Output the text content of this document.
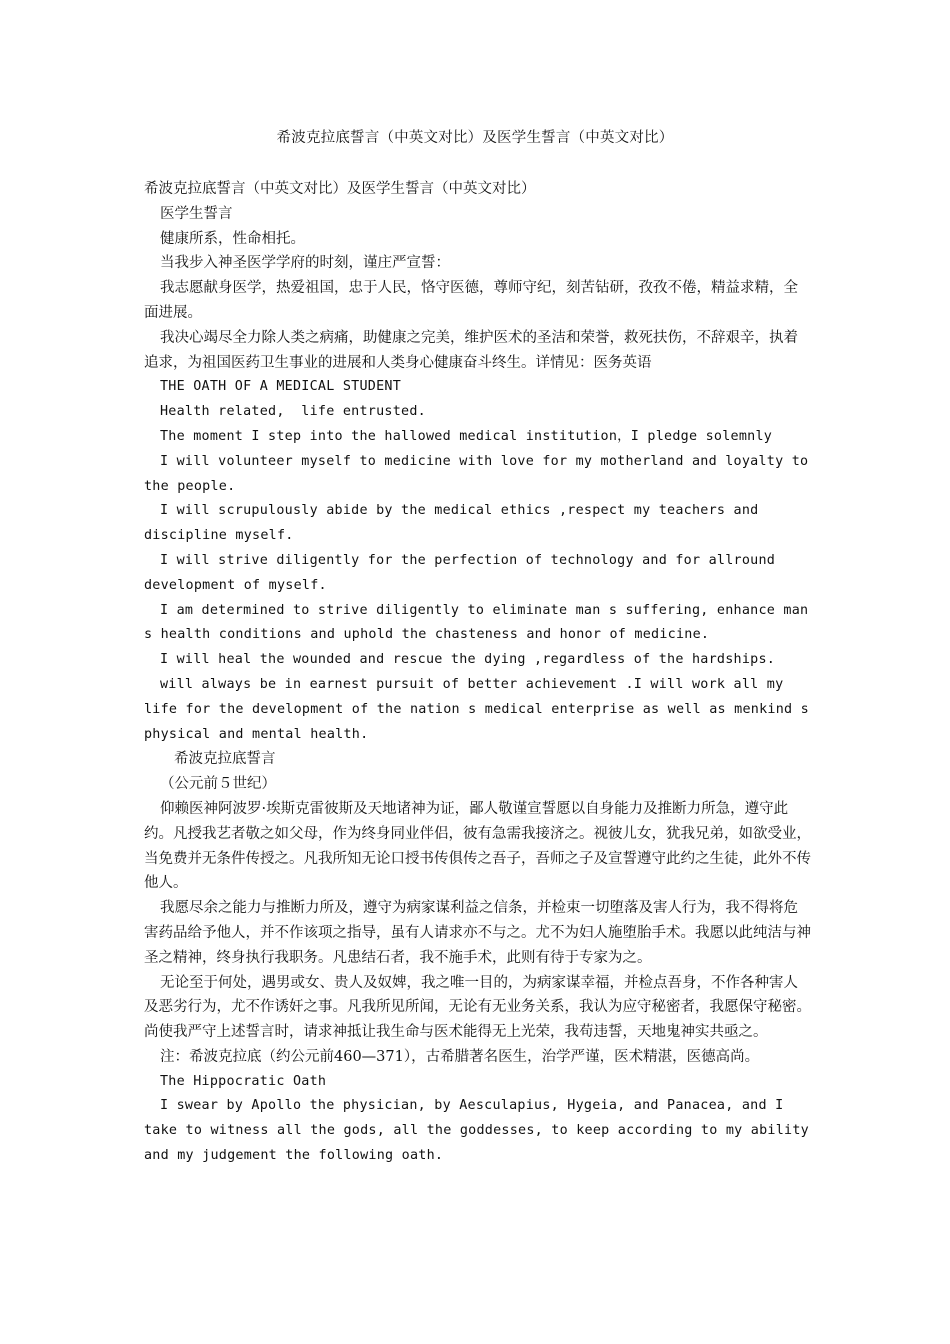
希波克拉底誓言（中英文对比）及医学生誓言（中英文对比）

希波克拉底誓言（中英文对比）及医学生誓言（中英文对比）

医学生誓言

健康所系，性命相托。

当我步入神圣医学学府的时刻，谨庄严宣誓：

我志愿献身医学，热爱祖国，忠于人民，恪守医德，尊师守纪，刻苦钻研，孜孜不倦，精益求精，全面进展。

我决心竭尽全力除人类之病痛，助健康之完美，维护医术的圣洁和荣誉，救死扶伤，不辞艰辛，执着追求，为祖国医药卫生事业的进展和人类身心健康奋斗终生。详情见：医务英语

THE OATH OF A MEDICAL STUDENT

Health related,  life entrusted.

The moment I step into the hallowed medical institution，I pledge solemnly

I will volunteer myself to medicine with love for my motherland and loyalty to the people.

I will scrupulously abide by the medical ethics ,respect my teachers and discipline myself.

I will strive diligently for the perfection of technology and for allround development of myself.

I am determined to strive diligently to eliminate man s suffering, enhance man s health conditions and uphold the chasteness and honor of medicine.

I will heal the wounded and rescue the dying ,regardless of the hardships.

will always be in earnest pursuit of better achievement .I will work all my life for the development of the nation s medical enterprise as well as menkind s physical and mental health.

希波克拉底誓言

（公元前５世纪）

仰赖医神阿波罗·埃斯克雷彼斯及天地诸神为证，鄙人敬谨宣誓愿以自身能力及推断力所急，遵守此约。凡授我艺者敬之如父母，作为终身同业伴侣，彼有急需我接济之。视彼儿女，犹我兄弟，如欲受业，当免费并无条件传授之。凡我所知无论口授书传俱传之吾子，吾师之子及宣誓遵守此约之生徒，此外不传他人。

我愿尽余之能力与推断力所及，遵守为病家谋利益之信条，并检束一切堕落及害人行为，我不得将危害药品给予他人，并不作该项之指导，虽有人请求亦不与之。尤不为妇人施堕胎手术。我愿以此纯洁与神圣之精神，终身执行我职务。凡患结石者，我不施手术，此则有待于专家为之。

无论至于何处，遇男或女、贵人及奴婢，我之唯一目的，为病家谋幸福，并检点吾身，不作各种害人及恶劣行为，尤不作诱奸之事。凡我所见所闻，无论有无业务关系，我认为应守秘密者，我愿保守秘密。尚使我严守上述誓言时，请求神抵让我生命与医术能得无上光荣，我苟违誓，天地鬼神实共亟之。

注：希波克拉底（约公元前460—371），古希腊著名医生，治学严谨，医术精湛，医德高尚。

The Hippocratic Oath

I swear by Apollo the physician, by Aesculapius, Hygeia, and Panacea, and I take to witness all the gods, all the goddesses, to keep according to my ability and my judgement the following oath.
